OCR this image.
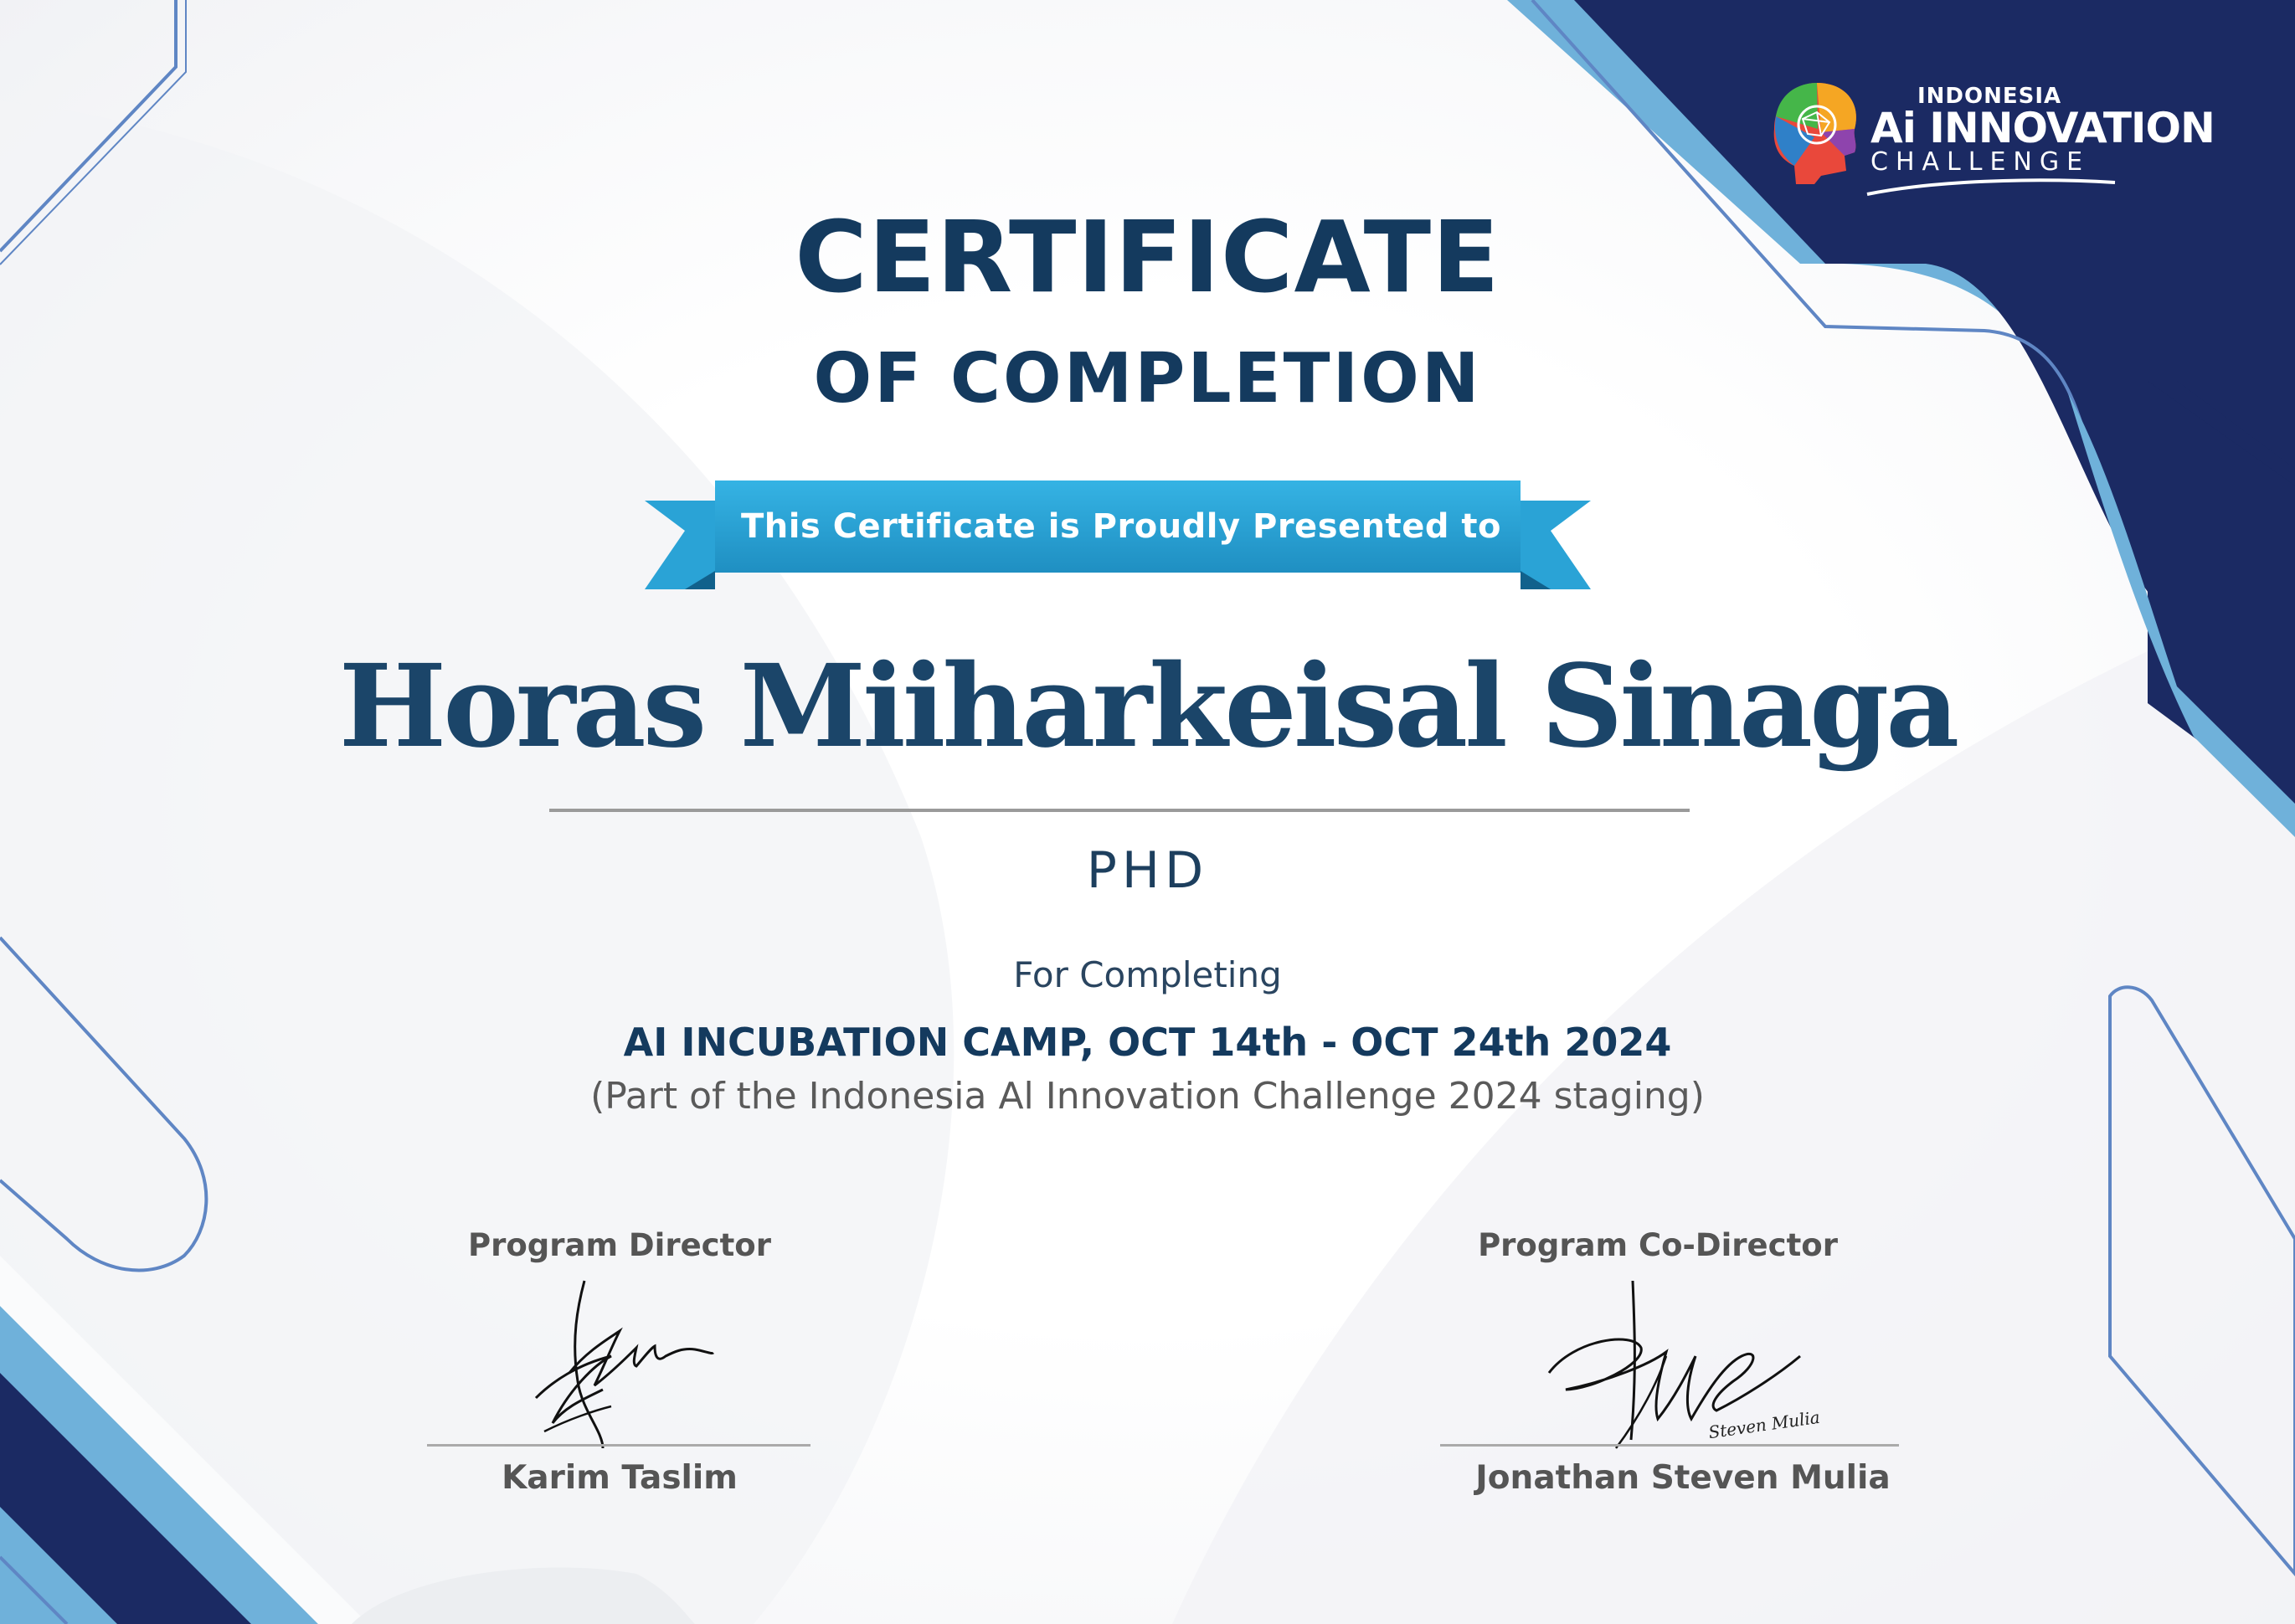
INDONESIA
Ai INNOVATION
CHALLENGE
CERTIFICATE
OF COMPLETION
This Certificate is Proudly Presented to
Horas Miiharkeisal Sinaga
PHD
For Completing
AI INCUBATION CAMP, OCT 14th - OCT 24th 2024
(Part of the Indonesia Al Innovation Challenge 2024 staging)
Program Director
Karim Taslim
Program Co-Director
Steven Mulia
Jonathan Steven Mulia
